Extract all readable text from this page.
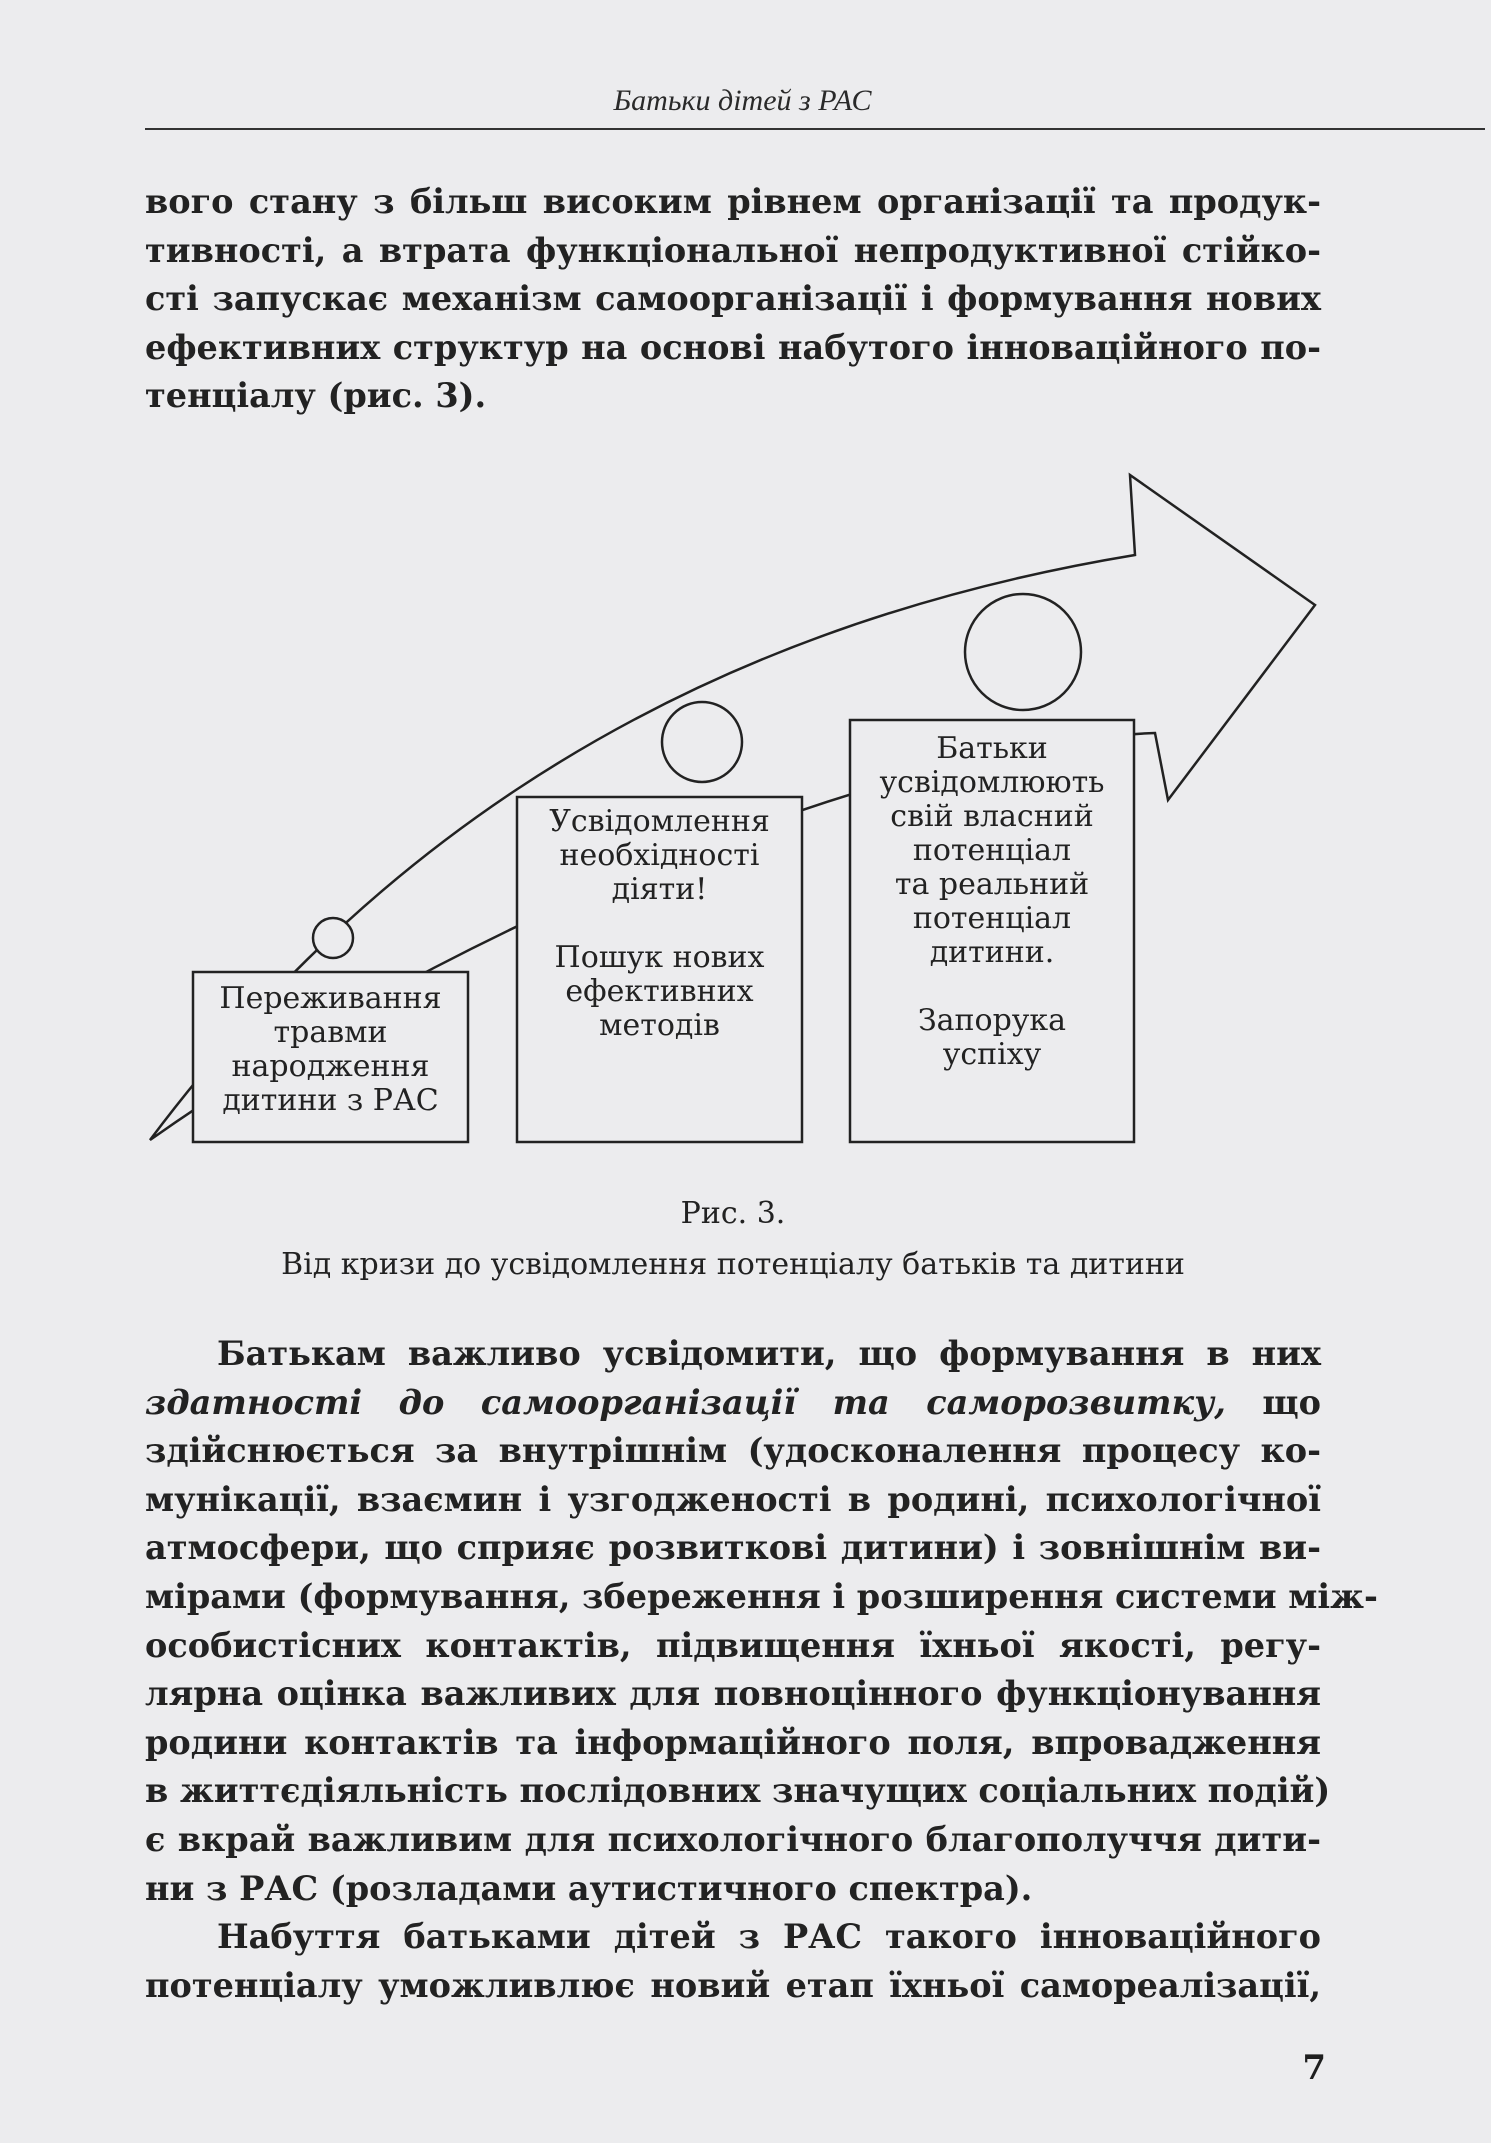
Батьки дітей з РАС
вого стану з більш високим рівнем організації та продук-
тивності, а втрата функціональної непродуктивної стійко-
сті запускає механізм самоорганізації і формування нових
ефективних структур на основі набутого інноваційного по-
тенціалу (рис. 3).
Переживання
травми
народження
дитини з РАС
Усвідомлення
необхідності
діяти!
Пошук нових
ефективних
методів
Батьки
усвідомлюють
свій власний
потенціал
та реальний
потенціал
дитини.
Запорука
успіху
Рис. 3.
Від кризи до усвідомлення потенціалу батьків та дитини
Батькам важливо усвідомити, що формування в них
здатності до самоорганізації та саморозвитку, що
здійснюється за внутрішнім (удосконалення процесу ко-
мунікації, взаємин і узгодженості в родині, психологічної
атмосфери, що сприяє розвиткові дитини) і зовнішнім ви-
мірами (формування, збереження і розширення системи між-
особистісних контактів, підвищення їхньої якості, регу-
лярна оцінка важливих для повноцінного функціонування
родини контактів та інформаційного поля, впровадження
в життєдіяльність послідовних значущих соціальних подій)
є вкрай важливим для психологічного благополуччя дити-
ни з РАС (розладами аутистичного спектра).
Набуття батьками дітей з РАС такого інноваційного
потенціалу уможливлює новий етап їхньої самореалізації,
7
